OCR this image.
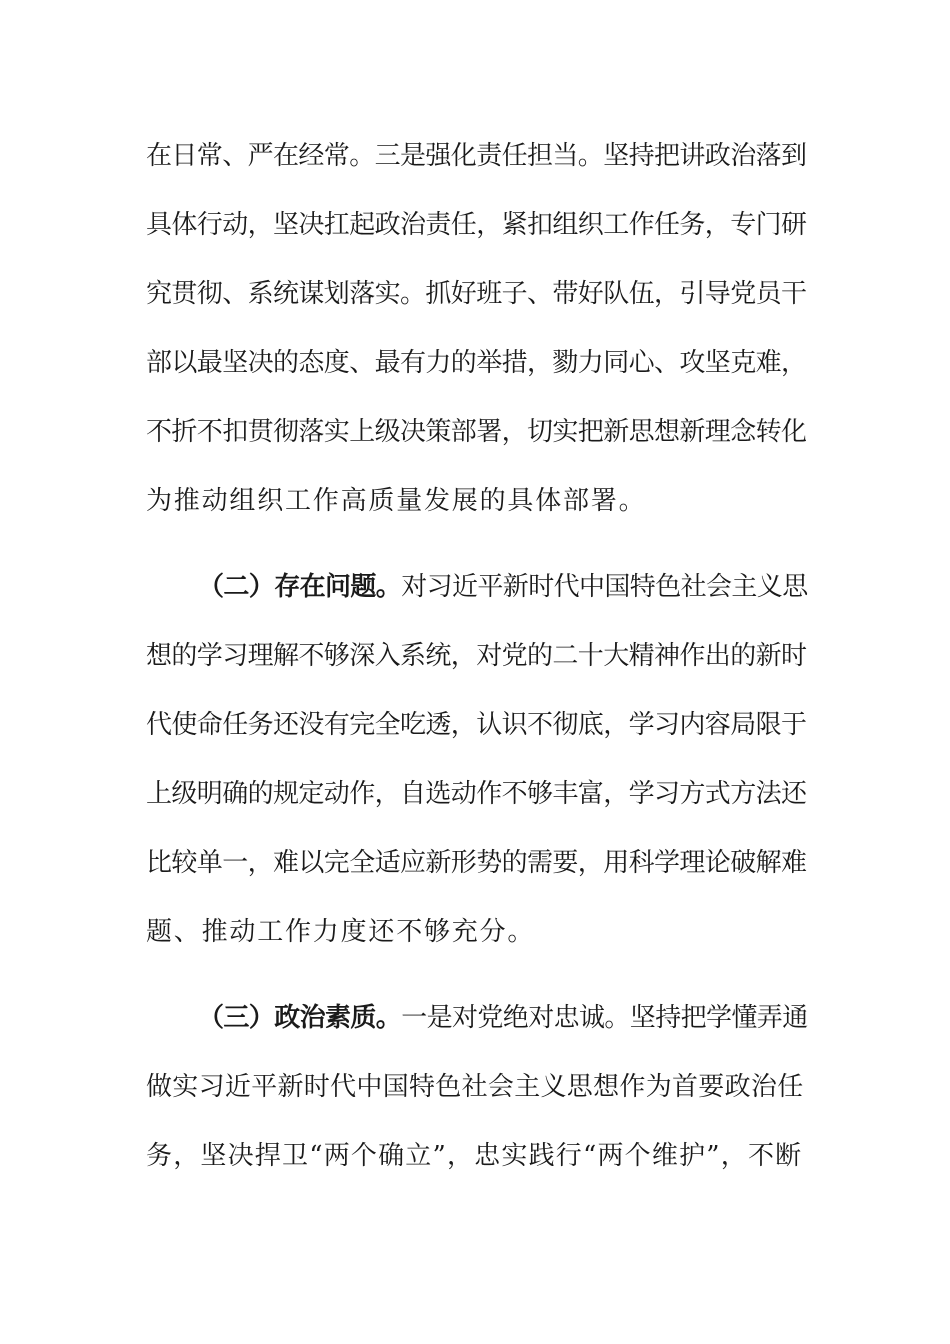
在日常、严在经常。三是强化责任担当。坚持把讲政治落到
具体行动，坚决扛起政治责任，紧扣组织工作任务，专门研
究贯彻、系统谋划落实。抓好班子、带好队伍，引导党员干
部以最坚决的态度、最有力的举措，勠力同心、攻坚克难，
不折不扣贯彻落实上级决策部署，切实把新思想新理念转化
为推动组织工作高质量发展的具体部署。
（二）存在问题。对习近平新时代中国特色社会主义思
想的学习理解不够深入系统，对党的二十大精神作出的新时
代使命任务还没有完全吃透，认识不彻底，学习内容局限于
上级明确的规定动作，自选动作不够丰富，学习方式方法还
比较单一，难以完全适应新形势的需要，用科学理论破解难
题、推动工作力度还不够充分。
（三）政治素质。一是对党绝对忠诚。坚持把学懂弄通
做实习近平新时代中国特色社会主义思想作为首要政治任
务，坚决捍卫“两个确立”，忠实践行“两个维护”，不断
